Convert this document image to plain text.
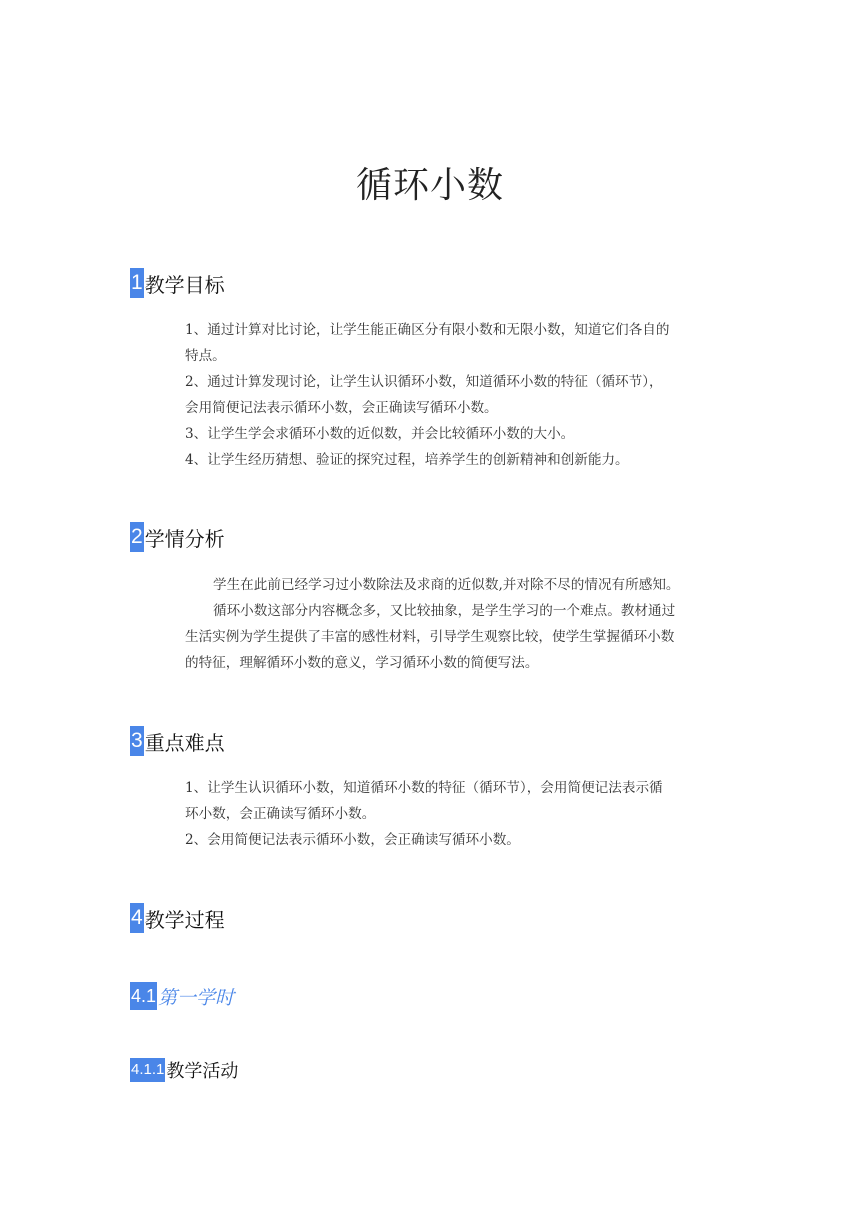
循环小数
1 教学目标
1、通过计算对比讨论，让学生能正确区分有限小数和无限小数，知道它们各自的
特点。
2、通过计算发现讨论，让学生认识循环小数，知道循环小数的特征（循环节），
会用简便记法表示循环小数，会正确读写循环小数。
3、让学生学会求循环小数的近似数，并会比较循环小数的大小。
4、让学生经历猜想、验证的探究过程，培养学生的创新精神和创新能力。
2 学情分析
学生在此前已经学习过小数除法及求商的近似数,并对除不尽的情况有所感知。
循环小数这部分内容概念多，又比较抽象，是学生学习的一个难点。教材通过
生活实例为学生提供了丰富的感性材料，引导学生观察比较，使学生掌握循环小数
的特征，理解循环小数的意义，学习循环小数的简便写法。
3 重点难点
1、让学生认识循环小数，知道循环小数的特征（循环节），会用简便记法表示循
环小数，会正确读写循环小数。
2、会用简便记法表示循环小数，会正确读写循环小数。
4 教学过程
4.1 第一学时
4.1.1 教学活动
